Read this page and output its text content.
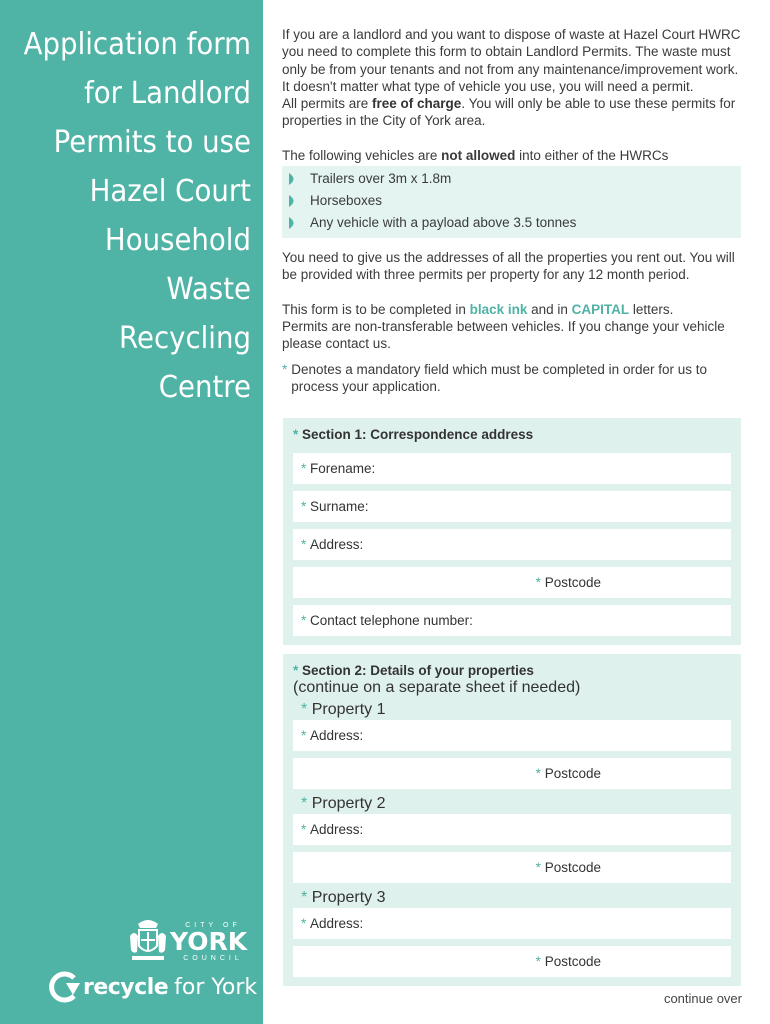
Application form
for Landlord
Permits to use
Hazel Court
Household Waste
Recycling Centre
CITY OF
YORK
COUNCIL
recycle for York
If you are a landlord and you want to dispose of waste at Hazel Court HWRC you need to complete this form to obtain Landlord Permits. The waste must only be from your tenants and not from any maintenance/improvement work. It doesn't matter what type of vehicle you use, you will need a permit.
All permits are free of charge. You will only be able to use these permits for properties in the City of York area.
The following vehicles are not allowed into either of the HWRCs
Trailers over 3m x 1.8m
Horseboxes
Any vehicle with a payload above 3.5 tonnes
You need to give us the addresses of all the properties you rent out. You will be provided with three permits per property for any 12 month period.
This form is to be completed in black ink and in CAPITAL letters.
Permits are non-transferable between vehicles. If you change your vehicle please contact us.
* Denotes a mandatory field which must be completed in order for us to process your application.
* Section 1: Correspondence address
*
Forename:
*
Surname:
*
Address:
*
Postcode
*
Contact telephone number:
* Section 2: Details of your properties
(continue on a separate sheet if needed)
* Property 1
*
Address:
*
Postcode
* Property 2
*
Address:
*
Postcode
* Property 3
*
Address:
*
Postcode
continue over
